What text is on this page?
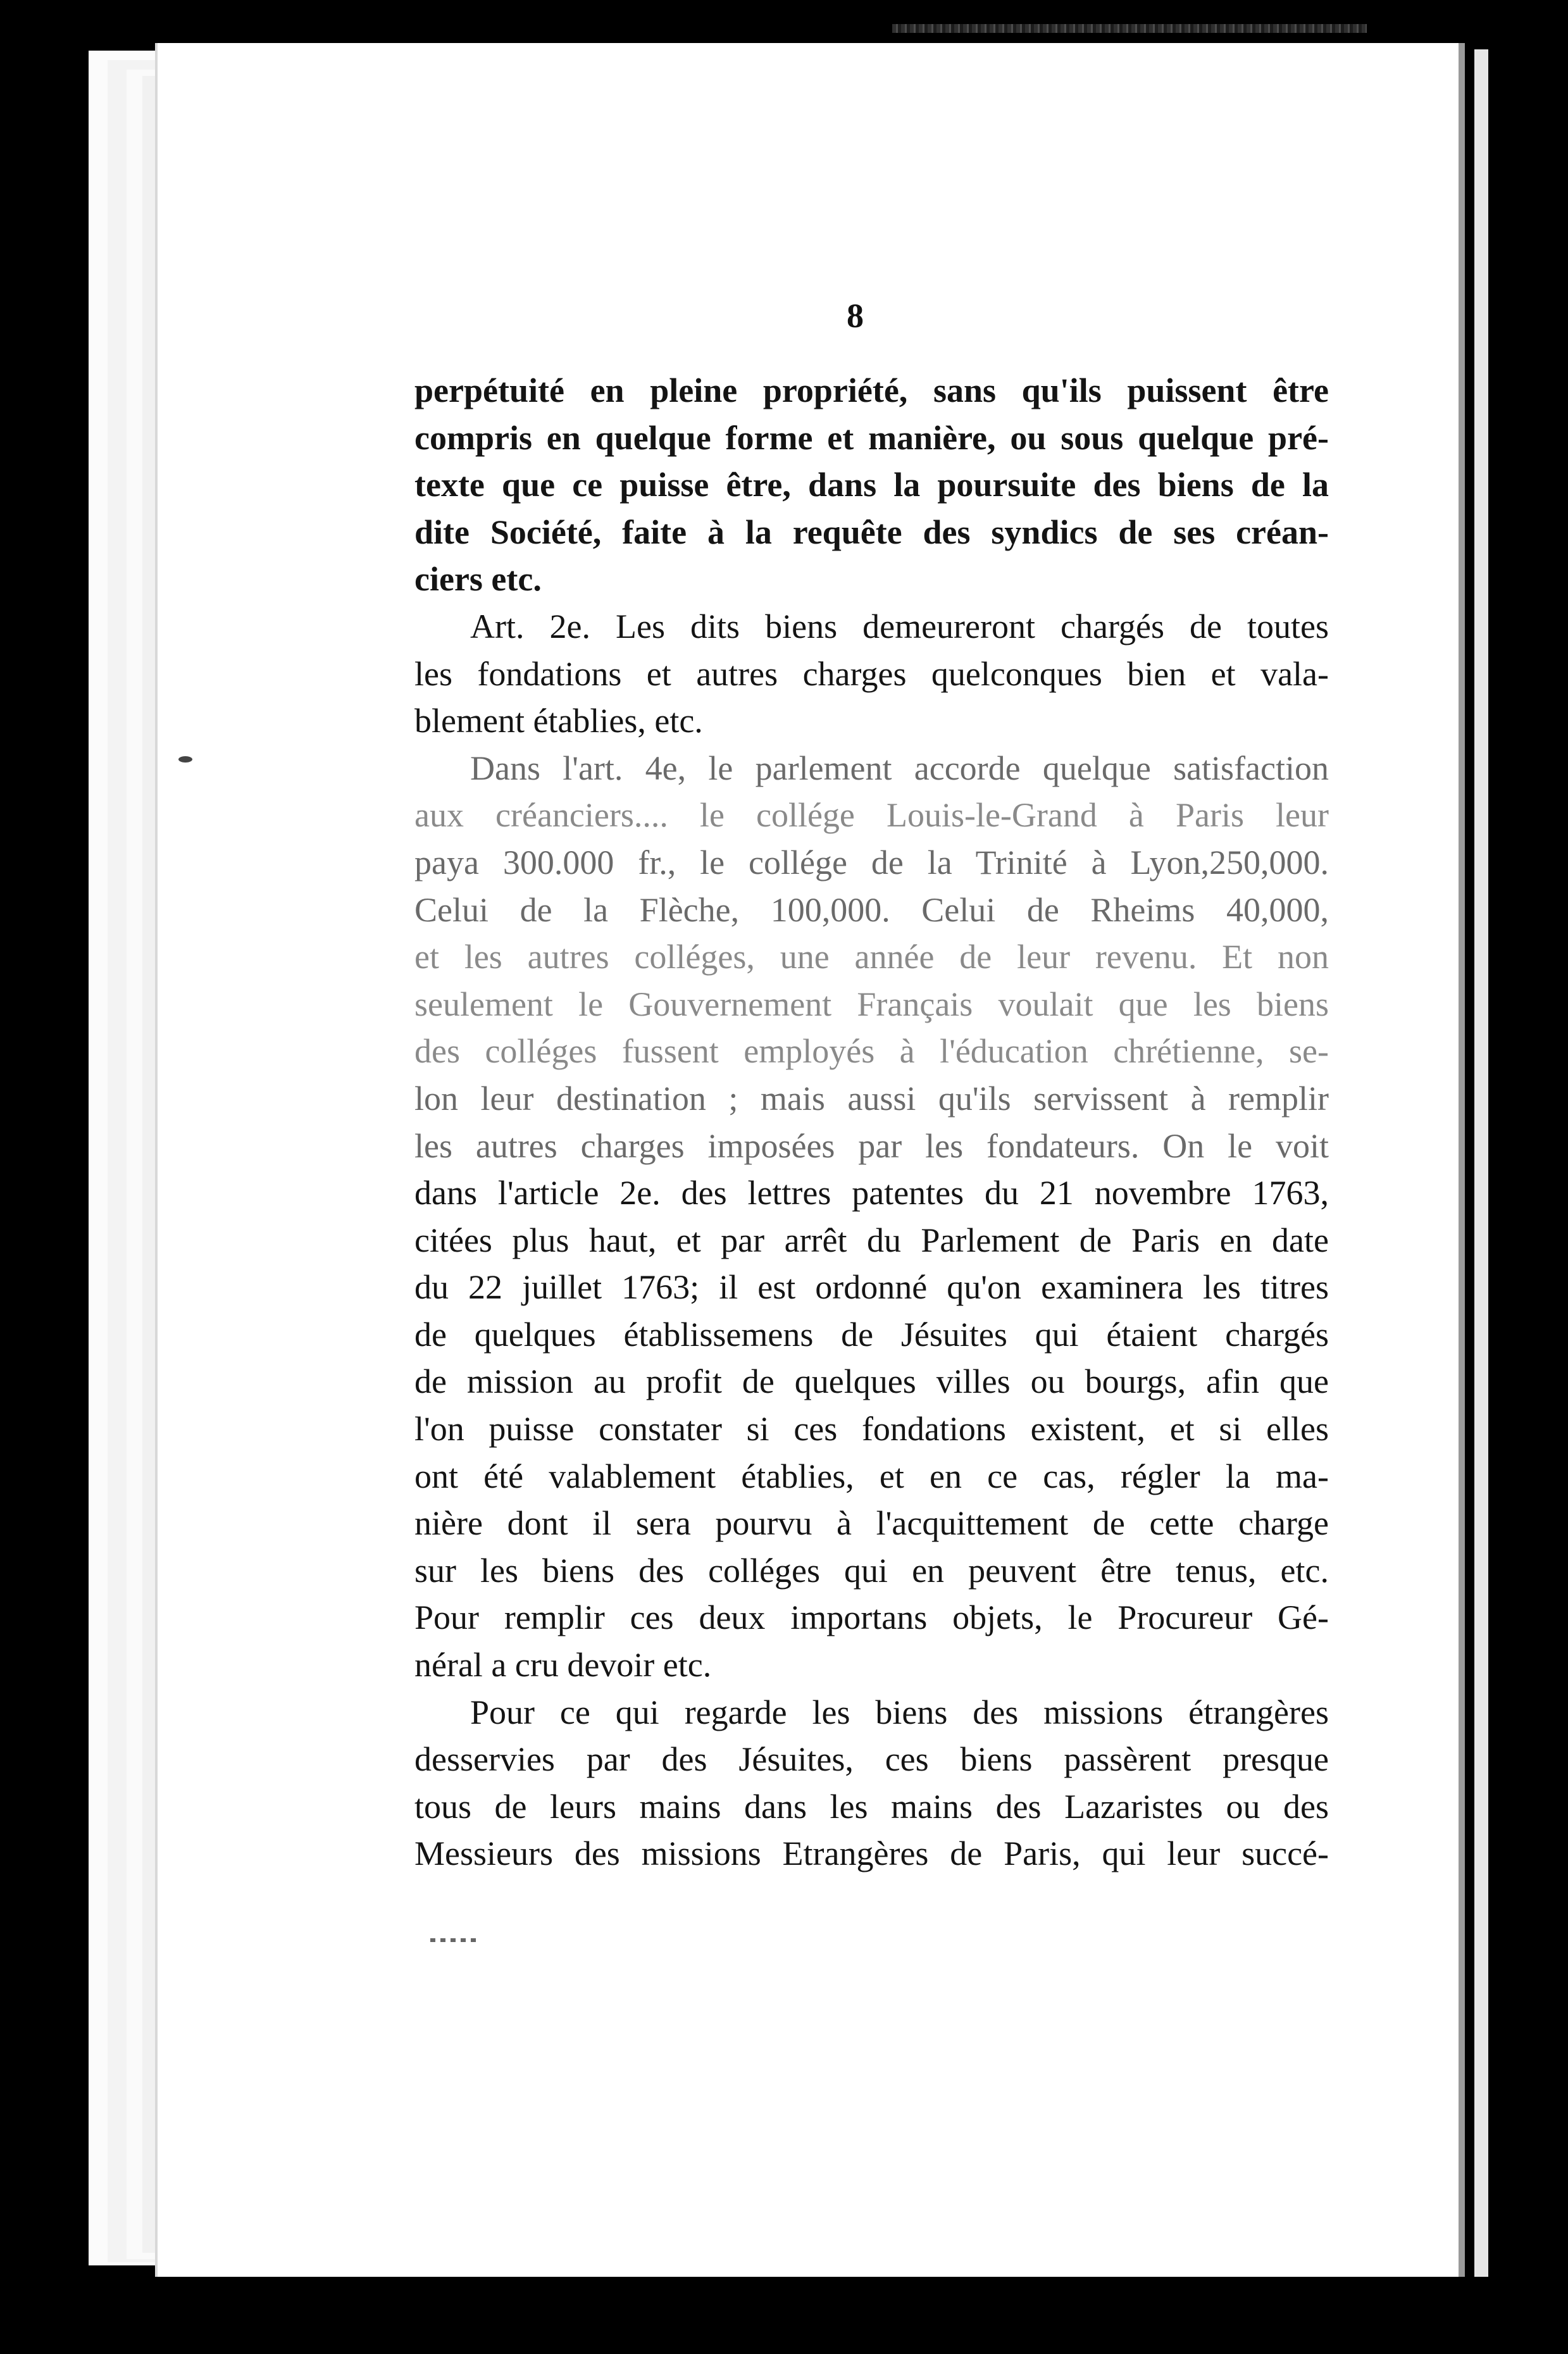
8
perpétuité en pleine propriété, sans qu'ils puissent être
compris en quelque forme et manière, ou sous quelque pré-
texte que ce puisse être, dans la poursuite des biens de la
dite Société, faite à la requête des syndics de ses créan-
ciers etc.
Art. 2e. Les dits biens demeureront chargés de toutes
les fondations et autres charges quelconques bien et vala-
blement établies, etc.
Dans l'art. 4e, le parlement accorde quelque satisfaction
aux créanciers.... le collége Louis-le-Grand à Paris leur
paya 300.000 fr., le collége de la Trinité à Lyon,250,000.
Celui de la Flèche, 100,000. Celui de Rheims 40,000,
et les autres colléges, une année de leur revenu. Et non
seulement le Gouvernement Français voulait que les biens
des colléges fussent employés à l'éducation chrétienne, se-
lon leur destination ; mais aussi qu'ils servissent à remplir
les autres charges imposées par les fondateurs. On le voit
dans l'article 2e. des lettres patentes du 21 novembre 1763,
citées plus haut, et par arrêt du Parlement de Paris en date
du 22 juillet 1763; il est ordonné qu'on examinera les titres
de quelques établissemens de Jésuites qui étaient chargés
de mission au profit de quelques villes ou bourgs, afin que
l'on puisse constater si ces fondations existent, et si elles
ont été valablement établies, et en ce cas, régler la ma-
nière dont il sera pourvu à l'acquittement de cette charge
sur les biens des colléges qui en peuvent être tenus, etc.
Pour remplir ces deux importans objets, le Procureur Gé-
néral a cru devoir etc.
Pour ce qui regarde les biens des missions étrangères
desservies par des Jésuites, ces biens passèrent presque
tous de leurs mains dans les mains des Lazaristes ou des
Messieurs des missions Etrangères de Paris, qui leur succé-
